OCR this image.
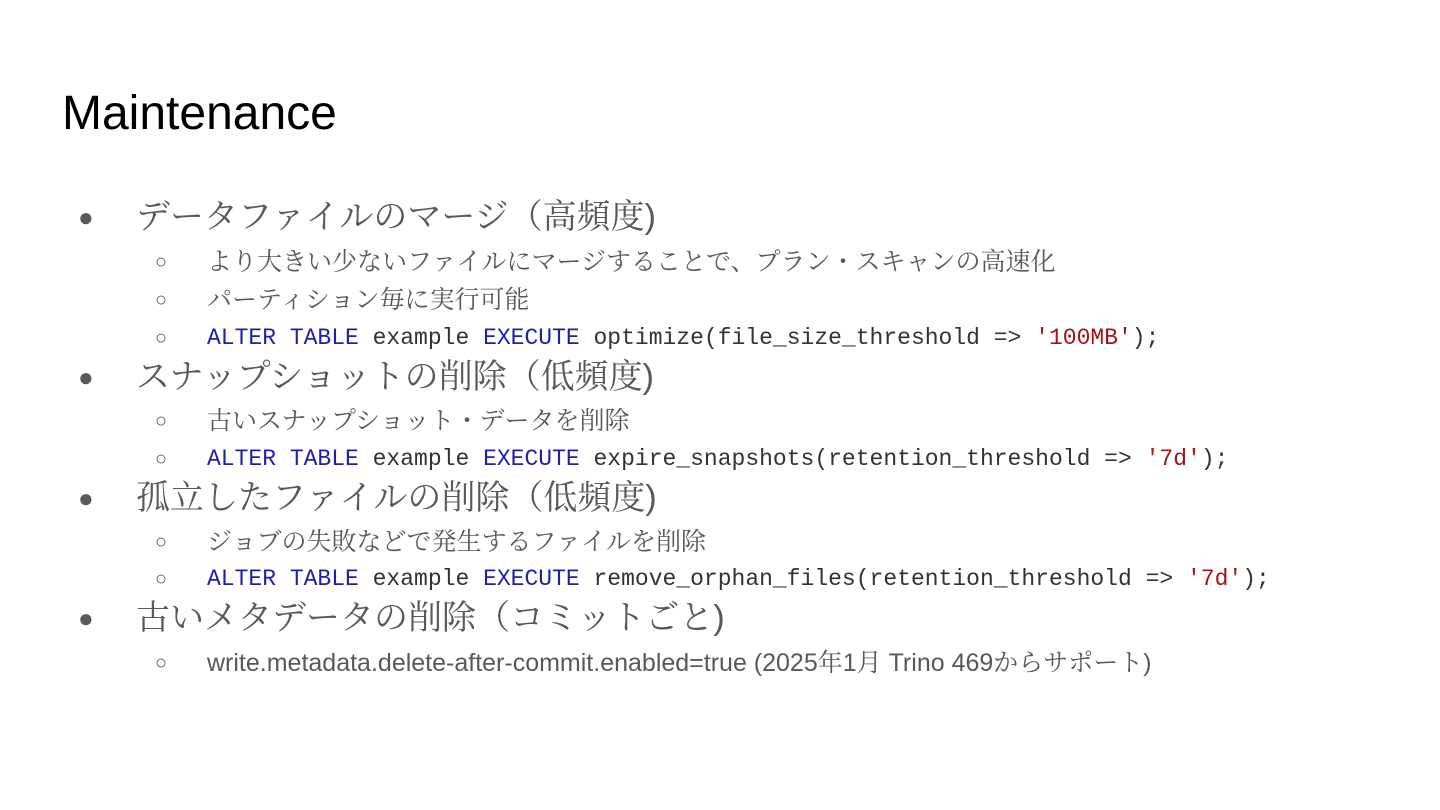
Maintenance
● データファイルのマージ（高頻度)
○	より大きい少ないファイルにマージすることで、プラン・スキャンの高速化
○	パーティション毎に実行可能
○	ALTER TABLE example EXECUTE optimize(file_size_threshold => '100MB');
● スナップショットの削除（低頻度)
○	古いスナップショット・データを削除
○	ALTER TABLE example EXECUTE expire_snapshots(retention_threshold => '7d');
● 孤立したファイルの削除（低頻度)
○	ジョブの失敗などで発生するファイルを削除
○	ALTER TABLE example EXECUTE remove_orphan_files(retention_threshold => '7d');
● 古いメタデータの削除（コミットごと)
○	write.metadata.delete-after-commit.enabled=true (2025年1月 Trino 469からサポート)
